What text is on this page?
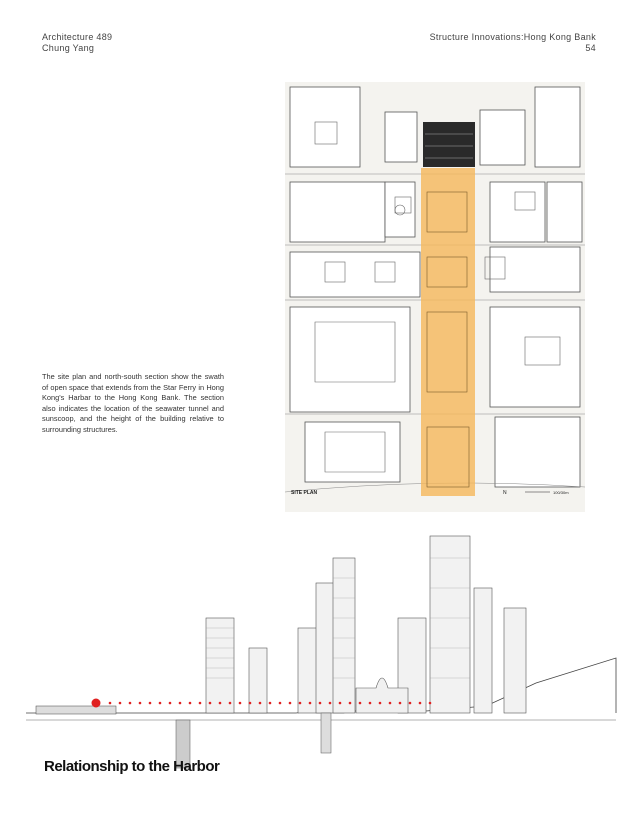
Architecture 489
Chung Yang
Structure Innovations:Hong Kong Bank
54
The site plan and north-south section show the swath of open space that extends from the Star Ferry in Hong Kong's Harbar to the Hong Kong Bank. The section also indicates the location of the seawater tunnel and sunscoop, and the height of the building relative to surrounding structures.
SITE PLAN	N	100/30m
Relationship to the Harbor
